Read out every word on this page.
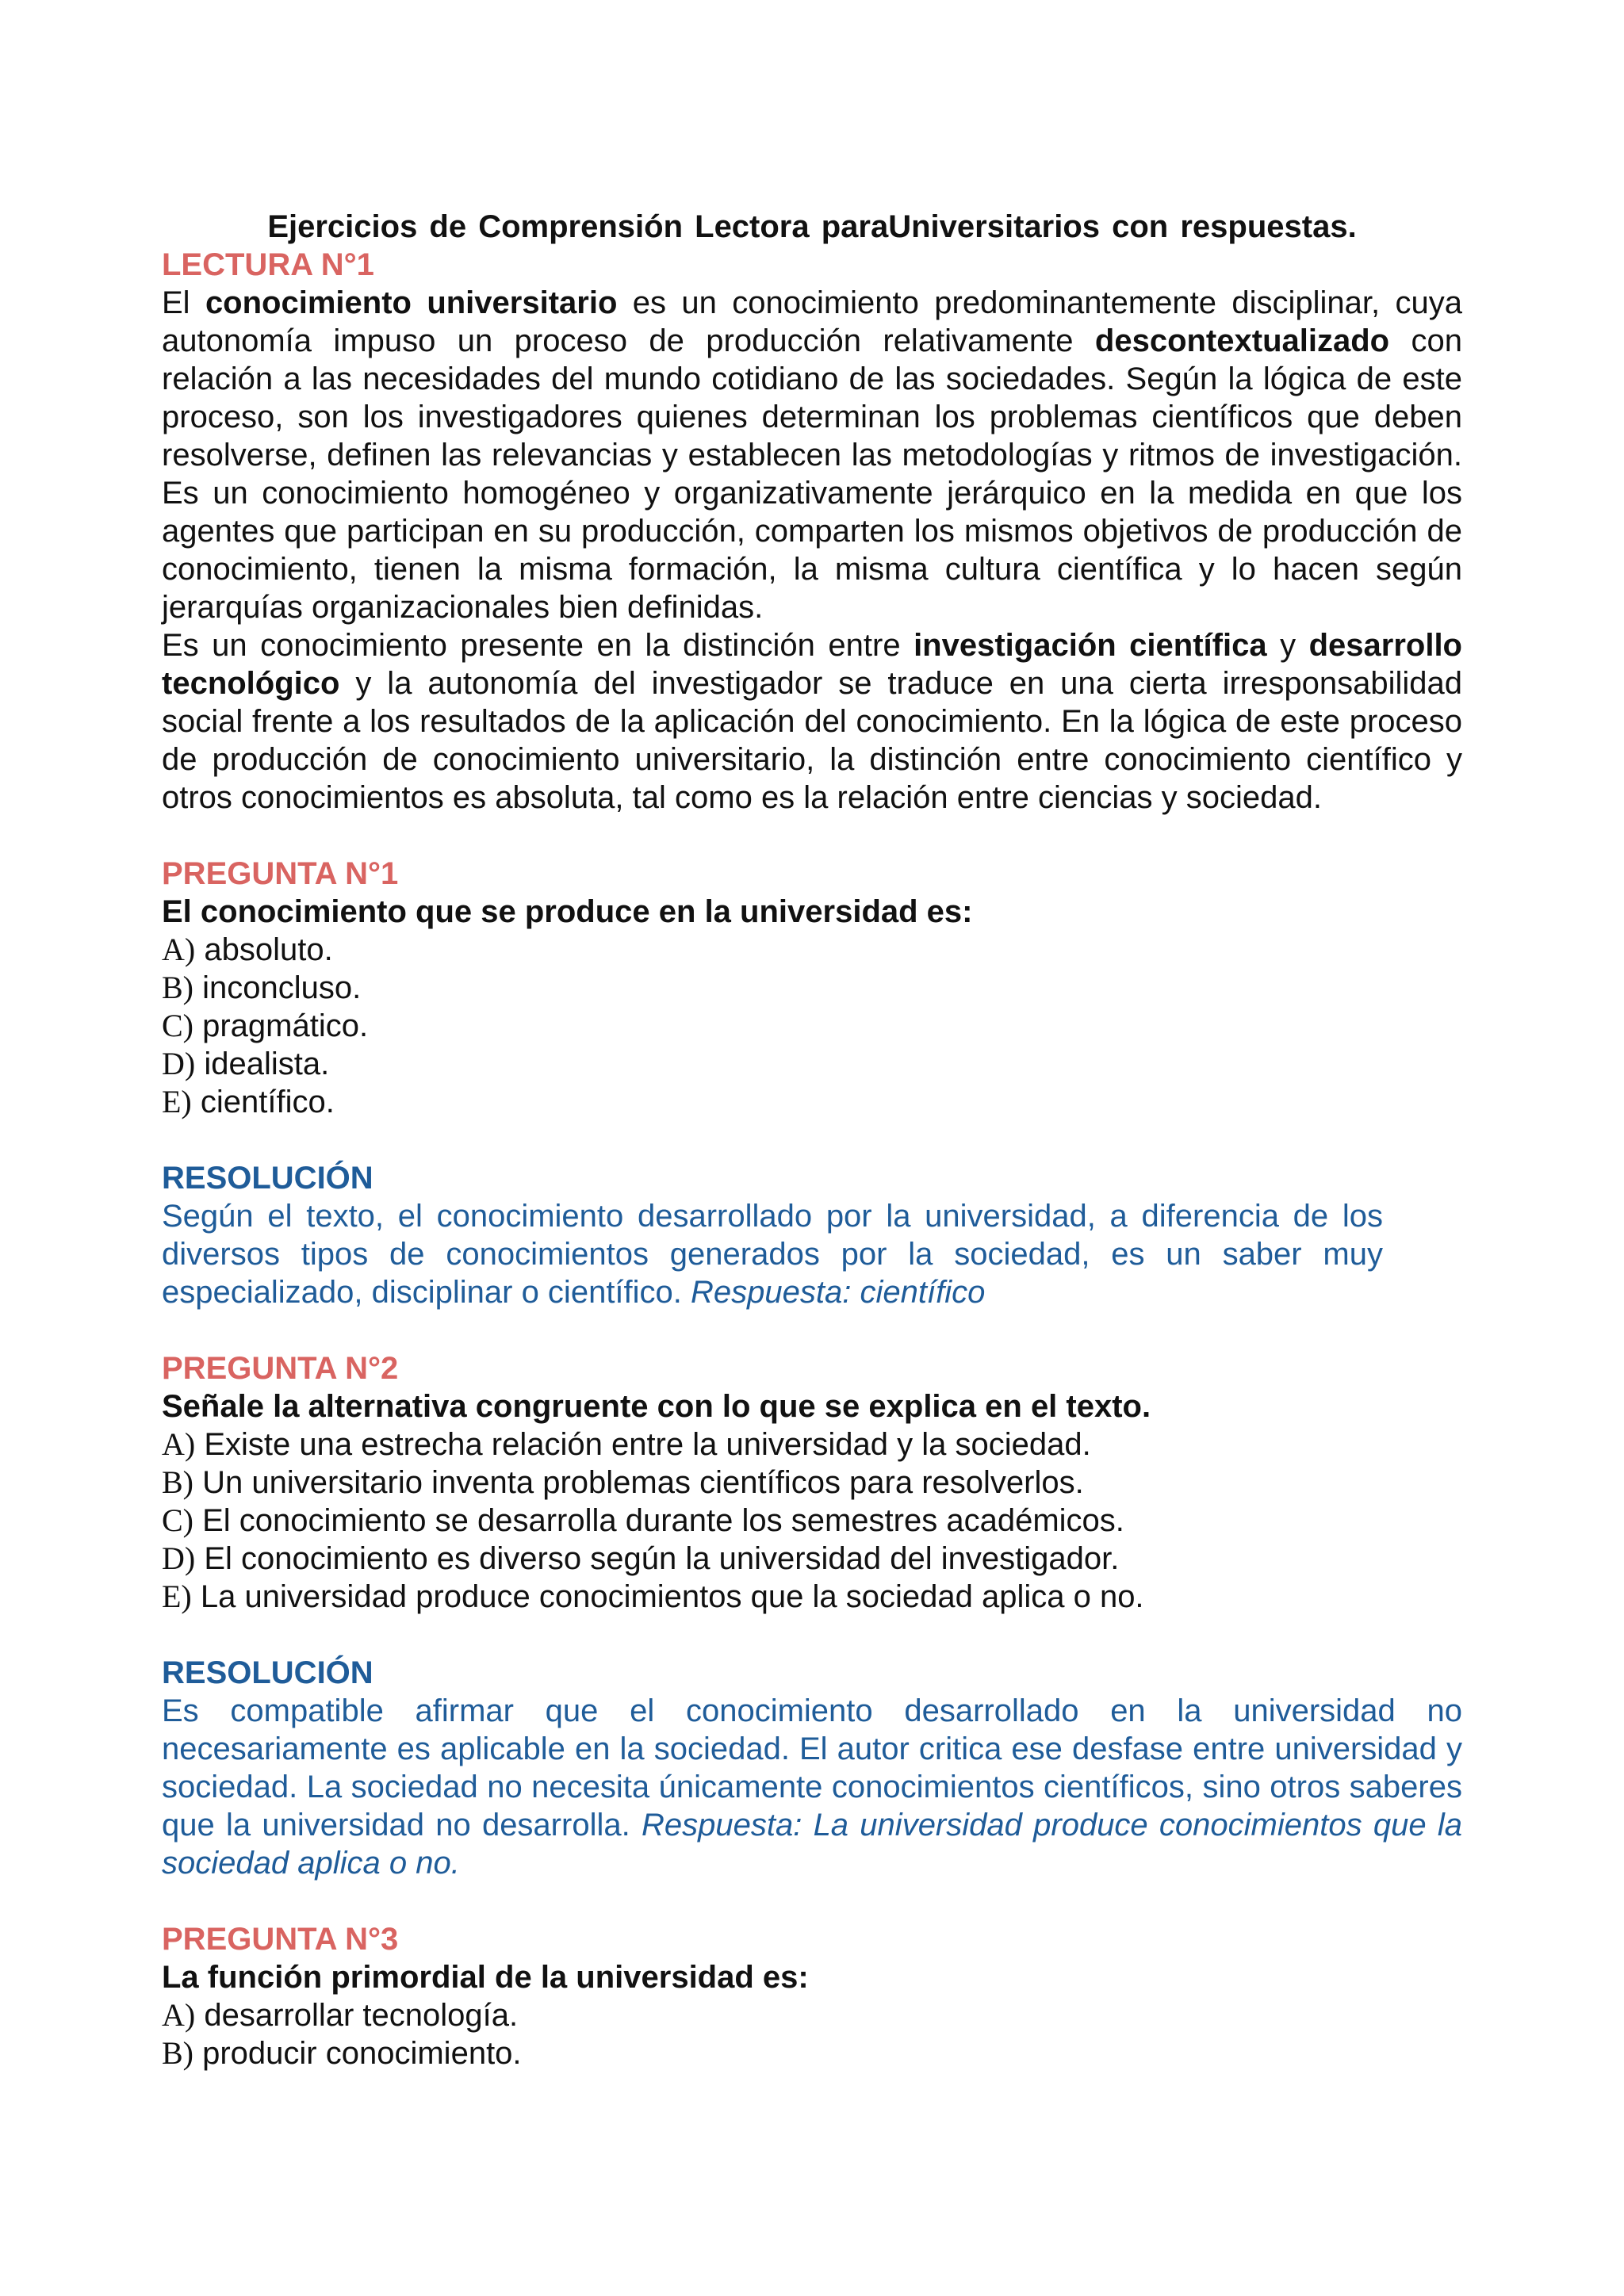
Ejercicios de Comprensión Lectora paraUniversitarios con respuestas.
LECTURA N°1

El conocimiento universitario es un conocimiento predominantemente disciplinar, cuya autonomía impuso un proceso de producción relativamente descontextualizado con relación a las necesidades del mundo cotidiano de las sociedades. Según la lógica de este proceso, son los investigadores quienes determinan los problemas científicos que deben resolverse, definen las relevancias y establecen las metodologías y ritmos de investigación. Es un conocimiento homogéneo y organizativamente jerárquico en la medida en que los agentes que participan en su producción, comparten los mismos objetivos de producción de conocimiento, tienen la misma formación, la misma cultura científica y lo hacen según jerarquías organizacionales bien definidas.

Es un conocimiento presente en la distinción entre investigación científica y desarrollo tecnológico y la autonomía del investigador se traduce en una cierta irresponsabilidad social frente a los resultados de la aplicación del conocimiento. En la lógica de este proceso de producción de conocimiento universitario, la distinción entre conocimiento científico y otros conocimientos es absoluta, tal como es la relación entre ciencias y sociedad.

PREGUNTA N°1
El conocimiento que se produce en la universidad es:
A) absoluto.
B) inconcluso.
C) pragmático.
D) idealista.
E) científico.
RESOLUCIÓN

Según el texto, el conocimiento desarrollado por la universidad, a diferencia de los diversos tipos de conocimientos generados por la sociedad, es un saber muy especializado, disciplinar o científico. Respuesta: científico

PREGUNTA N°2
Señale la alternativa congruente con lo que se explica en el texto.
A) Existe una estrecha relación entre la universidad y la sociedad.
B) Un universitario inventa problemas científicos para resolverlos.
C) El conocimiento se desarrolla durante los semestres académicos.
D) El conocimiento es diverso según la universidad del investigador.
E) La universidad produce conocimientos que la sociedad aplica o no.
RESOLUCIÓN

Es compatible afirmar que el conocimiento desarrollado en la universidad no necesariamente es aplicable en la sociedad. El autor critica ese desfase entre universidad y sociedad. La sociedad no necesita únicamente conocimientos científicos, sino otros saberes que la universidad no desarrolla. Respuesta: La universidad produce conocimientos que la sociedad aplica o no.

PREGUNTA N°3
La función primordial de la universidad es:
A) desarrollar tecnología.
B) producir conocimiento.
